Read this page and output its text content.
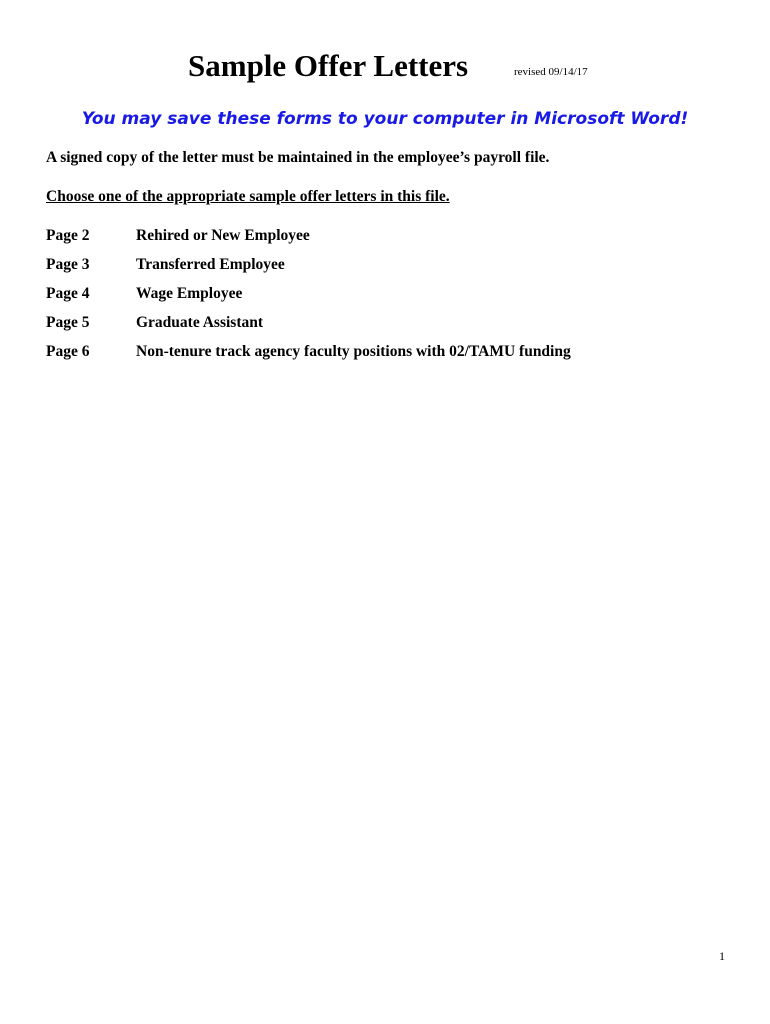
Sample Offer Letters	revised 09/14/17
You may save these forms to your computer in Microsoft Word!
A signed copy of the letter must be maintained in the employee’s payroll file.
Choose one of the appropriate sample offer letters in this file.
Page 2	Rehired or New Employee
Page 3	Transferred Employee
Page 4	Wage Employee
Page 5	Graduate Assistant
Page 6	Non-tenure track agency faculty positions with 02/TAMU funding
1
